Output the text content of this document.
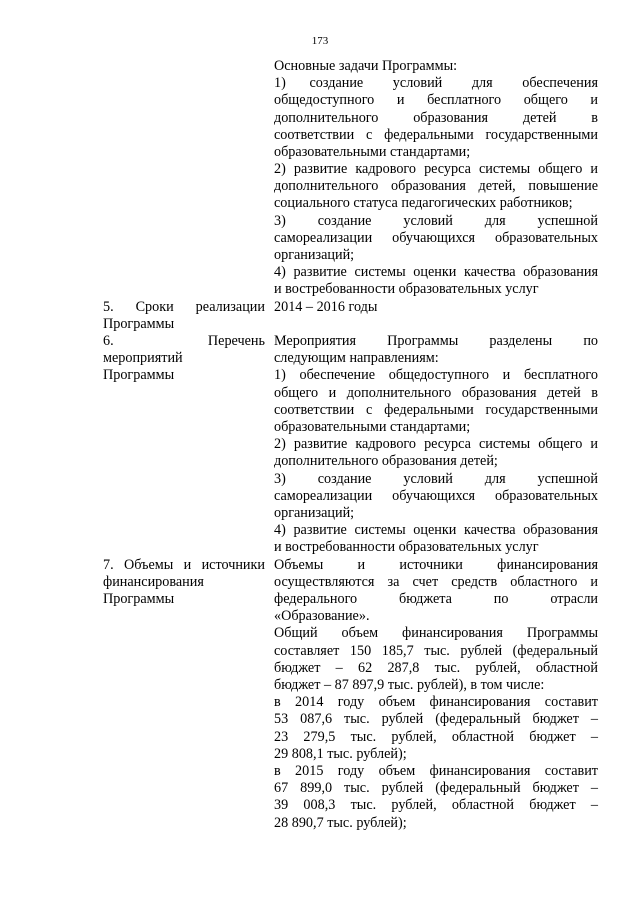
173
Основные задачи Программы:
1)    создание     условий     для     обеспечения
общедоступного и бесплатного общего и
дополнительного образования детей в
соответствии с федеральными государственными
образовательными стандартами;
2) развитие кадрового ресурса системы общего и
дополнительного образования детей, повышение
социального статуса педагогических работников;
3) создание условий для успешной
самореализации обучающихся образовательных
организаций;
4) развитие системы оценки качества образования
и востребованности образовательных услуг
5. Сроки реализации
Программы
2014 – 2016 годы
6. Перечень
мероприятий
Программы
Мероприятия Программы разделены по
следующим направлениям:
1) обеспечение общедоступного и бесплатного
общего и дополнительного образования детей в
соответствии с федеральными государственными
образовательными стандартами;
2) развитие кадрового ресурса системы общего и
дополнительного образования детей;
3) создание условий для успешной
самореализации обучающихся образовательных
организаций;
4) развитие системы оценки качества образования
и востребованности образовательных услуг
7. Объемы и источники
финансирования
Программы
Объемы и источники финансирования
осуществляются за счет средств областного и
федерального бюджета по отрасли
«Образование».
Общий объем финансирования Программы
составляет 150 185,7 тыс. рублей (федеральный
бюджет – 62 287,8 тыс. рублей, областной
бюджет – 87 897,9 тыс. рублей), в том числе:
в 2014 году объем финансирования составит
53 087,6 тыс. рублей (федеральный бюджет –
23 279,5 тыс. рублей, областной бюджет –
29 808,1 тыс. рублей);
в 2015 году объем финансирования составит
67 899,0 тыс. рублей (федеральный бюджет –
39 008,3 тыс. рублей, областной бюджет –
28 890,7 тыс. рублей);
